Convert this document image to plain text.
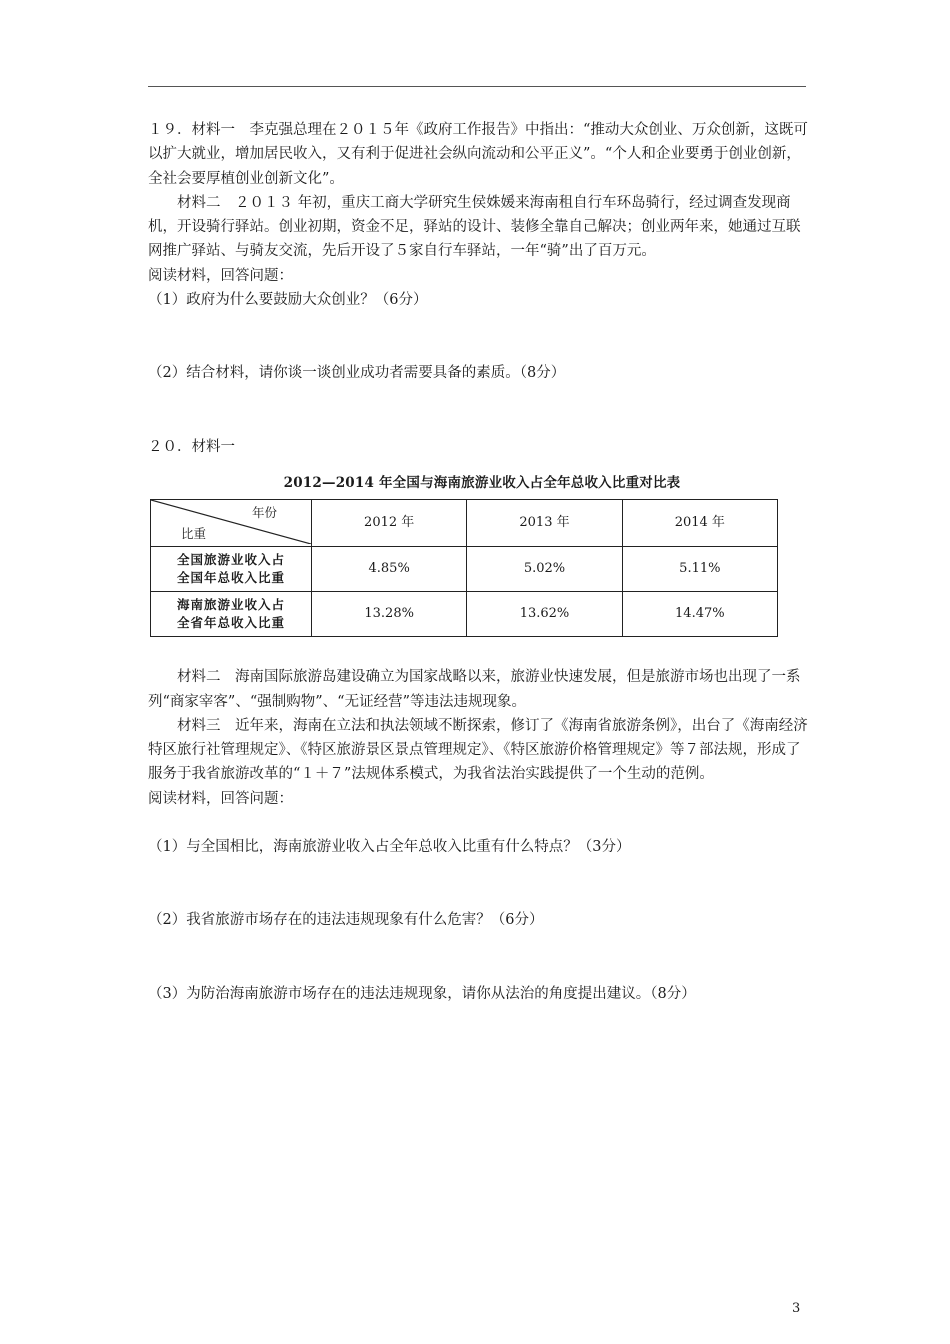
１９．材料一　李克强总理在２０１５年《政府工作报告》中指出：“推动大众创业、万众创新，这既可以扩大就业，增加居民收入，又有利于促进社会纵向流动和公平正义”。“个人和企业要勇于创业创新，全社会要厚植创业创新文化”。

材料二　２０１３ 年初，重庆工商大学研究生侯姝媛来海南租自行车环岛骑行，经过调查发现商机，开设骑行驿站。创业初期，资金不足，驿站的设计、装修全靠自己解决；创业两年来，她通过互联网推广驿站、与骑友交流，先后开设了５家自行车驿站，一年“骑”出了百万元。

阅读材料，回答问题：

（1）政府为什么要鼓励大众创业？（6分）

（2）结合材料，请你谈一谈创业成功者需要具备的素质。（8分）

２０．材料一

2012—2014 年全国与海南旅游业收入占全年总收入比重对比表
年份
比重	2012 年	2013 年	2014 年
全国旅游业收入占
全国年总收入比重	4.85%	5.02%	5.11%
海南旅游业收入占
全省年总收入比重	13.28%	13.62%	14.47%

材料二　海南国际旅游岛建设确立为国家战略以来，旅游业快速发展，但是旅游市场也出现了一系列“商家宰客”、“强制购物”、“无证经营”等违法违规现象。

材料三　近年来，海南在立法和执法领域不断探索，修订了《海南省旅游条例》，出台了《海南经济特区旅行社管理规定》、《特区旅游景区景点管理规定》、《特区旅游价格管理规定》等７部法规，形成了服务于我省旅游改革的“１＋７”法规体系模式，为我省法治实践提供了一个生动的范例。

阅读材料，回答问题：

（1）与全国相比，海南旅游业收入占全年总收入比重有什么特点？（3分）

（2）我省旅游市场存在的违法违规现象有什么危害？（6分）

（3）为防治海南旅游市场存在的违法违规现象，请你从法治的角度提出建议。（8分）

3
